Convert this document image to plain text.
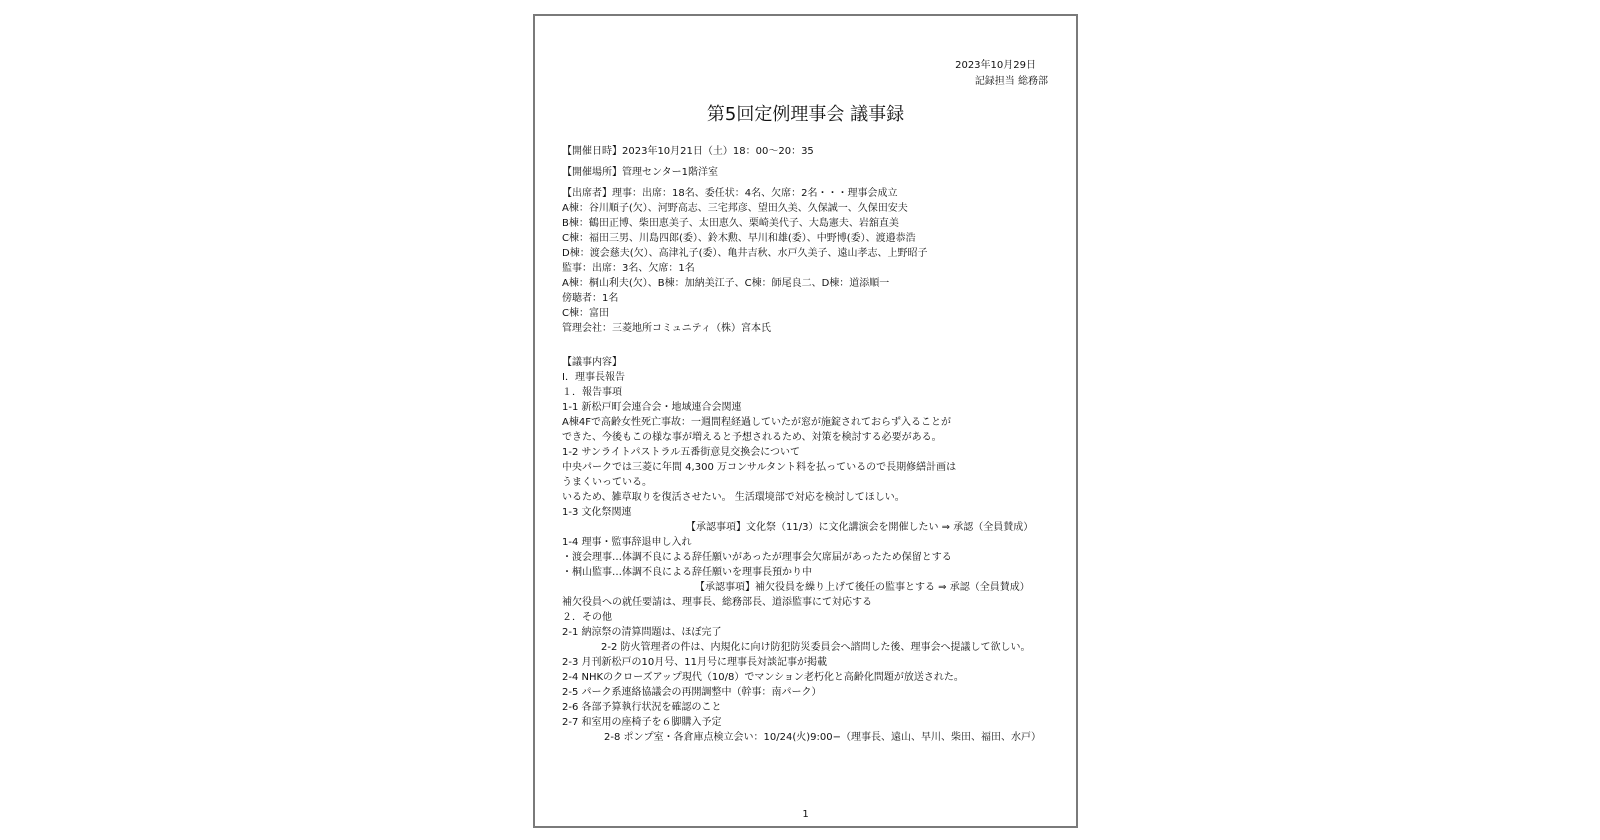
2023年10月29日
記録担当 総務部
第5回定例理事会 議事録
【開催日時】2023年10月21日（土）18：00〜20：35
【開催場所】管理センター1階洋室
【出席者】理事：出席：18名、委任状：4名、欠席：2名・・・理事会成立
A棟：谷川順子(欠）、河野高志、三宅邦彦、望田久美、久保誠一、久保田安夫
B棟：鶴田正博、柴田恵美子、太田恵久、栗崎美代子、大島憲夫、岩舘直美
C棟：福田三男、川島四郎(委）、鈴木勲、早川和雄(委）、中野博(委）、渡邉恭浩
D棟：渡会慈夫(欠）、高津礼子(委）、亀井吉秋、水戸久美子、遠山孝志、上野昭子
監事：出席：3名、欠席：1名
A棟：桐山利夫(欠）、B棟：加納美江子、C棟：師尾良二、D棟：道添順一
傍聴者：1名
C棟：富田
管理会社：三菱地所コミュニティ（株）宮本氏
【議事内容】
Ⅰ．理事長報告
１．報告事項
1-1 新松戸町会連合会・地域連合会関連
A棟4Fで高齢女性死亡事故：一週間程経過していたが窓が施錠されておらず入ることが
できた、今後もこの様な事が増えると予想されるため、対策を検討する必要がある。
1-2 サンライトパストラル五番街意見交換会について
中央パークでは三菱に年間 4,300 万コンサルタント料を払っているので長期修繕計画は
うまくいっている。
いるため、雑草取りを復活させたい。 生活環境部で対応を検討してほしい。
1-3 文化祭関連
【承認事項】文化祭（11/3）に文化講演会を開催したい ⇒ 承認（全員賛成）
1-4 理事・監事辞退申し入れ
・渡会理事…体調不良による辞任願いがあったが理事会欠席届があったため保留とする
・桐山監事…体調不良による辞任願いを理事長預かり中
【承認事項】補欠役員を繰り上げて後任の監事とする ⇒ 承認（全員賛成）
補欠役員への就任要請は、理事長、総務部長、道添監事にて対応する
２．その他
2-1 納涼祭の清算問題は、ほぼ完了
2-2 防火管理者の件は、内規化に向け防犯防災委員会へ諮問した後、理事会へ提議して欲しい。
2-3 月刊新松戸の10月号、11月号に理事長対談記事が掲載
2-4 NHKのクローズアップ現代（10/8）でマンション老朽化と高齢化問題が放送された。
2-5 パーク系連絡協議会の再開調整中（幹事：南パーク）
2-6 各部予算執行状況を確認のこと
2-7 和室用の座椅子を６脚購入予定
2-8 ポンプ室・各倉庫点検立会い：10/24(火)9:00−（理事長、遠山、早川、柴田、福田、水戸）
1
